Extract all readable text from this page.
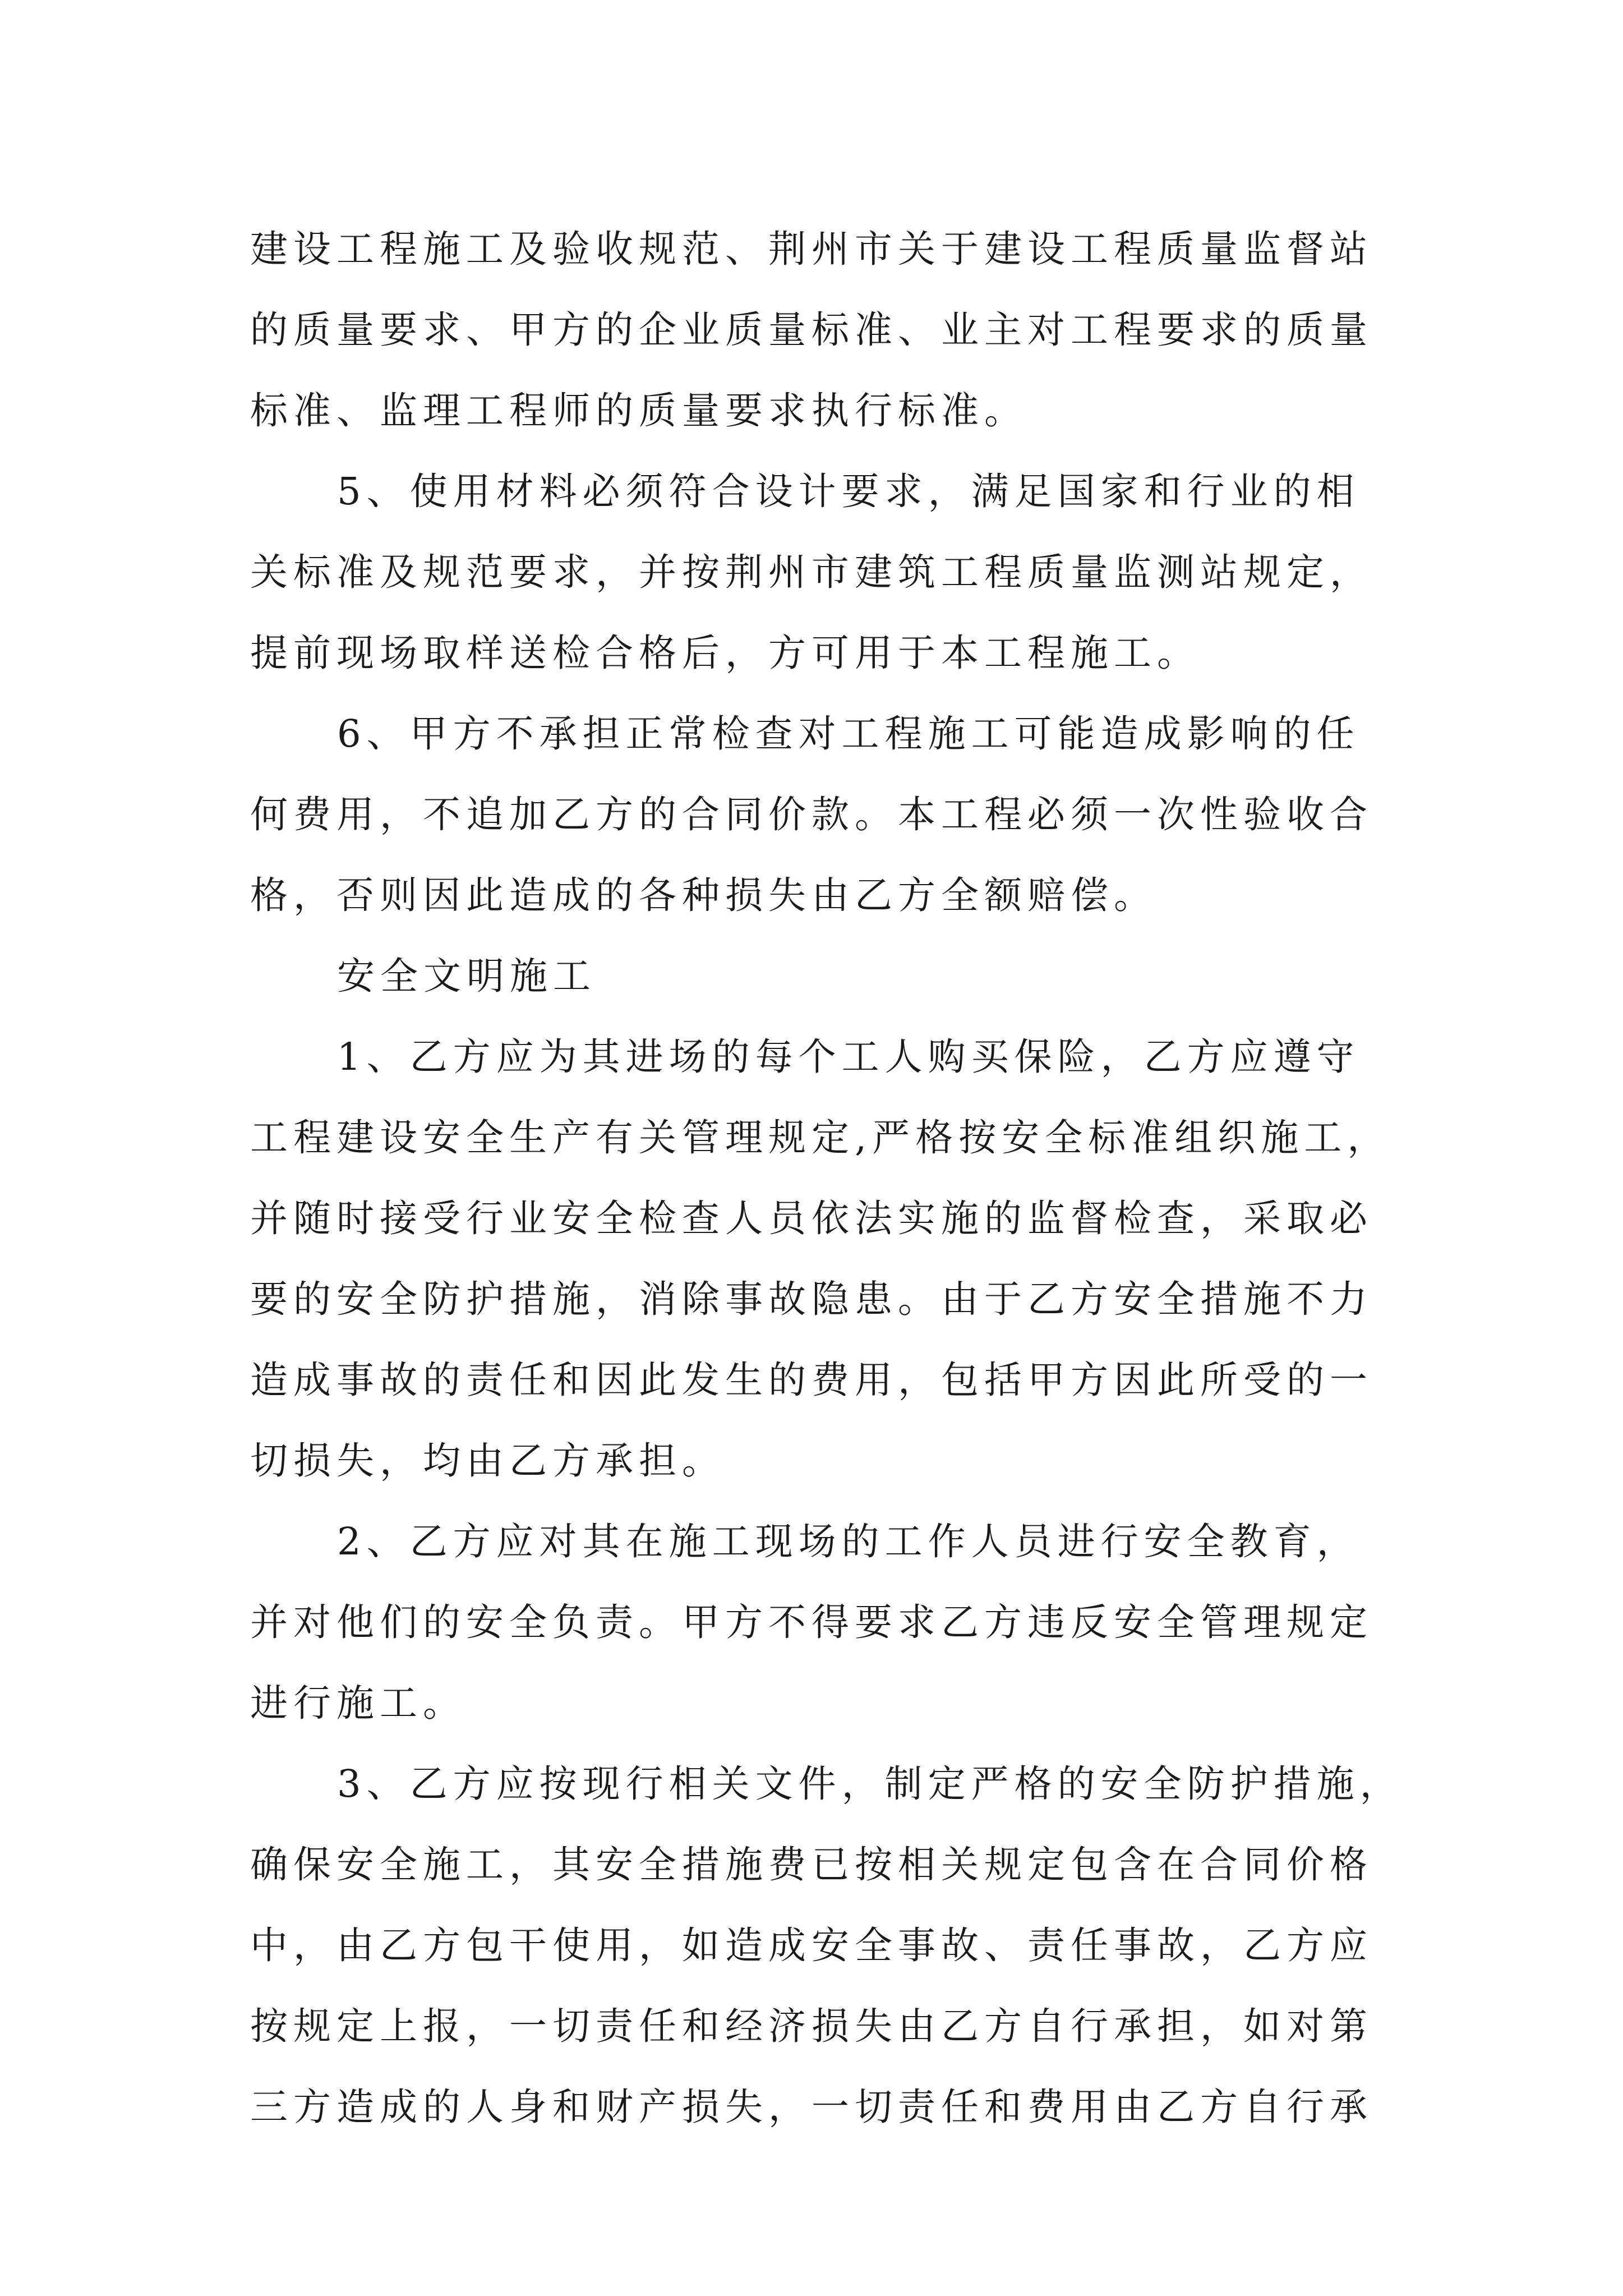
建设工程施工及验收规范、荆州市关于建设工程质量监督站
的质量要求、甲方的企业质量标准、业主对工程要求的质量
标准、监理工程师的质量要求执行标准。
5、使用材料必须符合设计要求，满足国家和行业的相
关标准及规范要求，并按荆州市建筑工程质量监测站规定，
提前现场取样送检合格后，方可用于本工程施工。
6、甲方不承担正常检查对工程施工可能造成影响的任
何费用，不追加乙方的合同价款。本工程必须一次性验收合
格，否则因此造成的各种损失由乙方全额赔偿。
安全文明施工
1、乙方应为其进场的每个工人购买保险，乙方应遵守
工程建设安全生产有关管理规定,严格按安全标准组织施工，
并随时接受行业安全检查人员依法实施的监督检查，采取必
要的安全防护措施，消除事故隐患。由于乙方安全措施不力
造成事故的责任和因此发生的费用，包括甲方因此所受的一
切损失，均由乙方承担。
2、乙方应对其在施工现场的工作人员进行安全教育，
并对他们的安全负责。甲方不得要求乙方违反安全管理规定
进行施工。
3、乙方应按现行相关文件，制定严格的安全防护措施，
确保安全施工，其安全措施费已按相关规定包含在合同价格
中，由乙方包干使用，如造成安全事故、责任事故，乙方应
按规定上报，一切责任和经济损失由乙方自行承担，如对第
三方造成的人身和财产损失，一切责任和费用由乙方自行承
